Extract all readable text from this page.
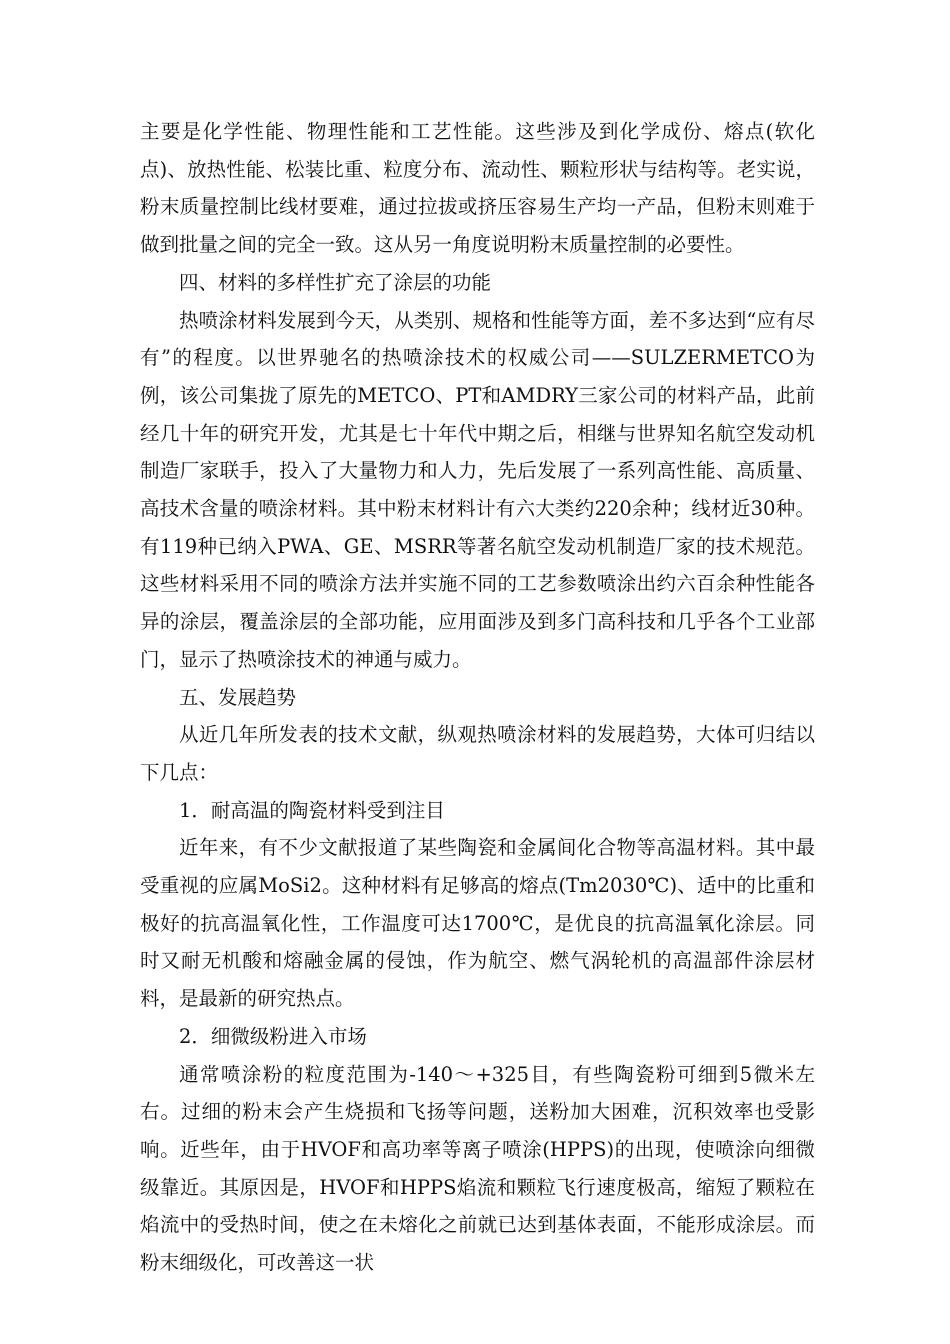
主要是化学性能、物理性能和工艺性能。这些涉及到化学成份、熔点(软化点)、放热性能、松装比重、粒度分布、流动性、颗粒形状与结构等。老实说，粉末质量控制比线材要难，通过拉拔或挤压容易生产均一产品，但粉末则难于做到批量之间的完全一致。这从另一角度说明粉末质量控制的必要性。

四、材料的多样性扩充了涂层的功能

热喷涂材料发展到今天，从类别、规格和性能等方面，差不多达到“应有尽有”的程度。以世界驰名的热喷涂技术的权威公司——SULZERMETCO为例，该公司集拢了原先的METCO、PT和AMDRY三家公司的材料产品，此前经几十年的研究开发，尤其是七十年代中期之后，相继与世界知名航空发动机制造厂家联手，投入了大量物力和人力，先后发展了一系列高性能、高质量、高技术含量的喷涂材料。其中粉末材料计有六大类约220余种；线材近30种。有119种已纳入PWA、GE、MSRR等著名航空发动机制造厂家的技术规范。这些材料采用不同的喷涂方法并实施不同的工艺参数喷涂出约六百余种性能各异的涂层，覆盖涂层的全部功能，应用面涉及到多门高科技和几乎各个工业部门，显示了热喷涂技术的神通与威力。

五、发展趋势

从近几年所发表的技术文献，纵观热喷涂材料的发展趋势，大体可归结以下几点：

1．耐高温的陶瓷材料受到注目

近年来，有不少文献报道了某些陶瓷和金属间化合物等高温材料。其中最受重视的应属MoSi2。这种材料有足够高的熔点(Tm2030℃)、适中的比重和极好的抗高温氧化性，工作温度可达1700℃，是优良的抗高温氧化涂层。同时又耐无机酸和熔融金属的侵蚀，作为航空、燃气涡轮机的高温部件涂层材料，是最新的研究热点。

2．细微级粉进入市场

通常喷涂粉的粒度范围为-140～+325目，有些陶瓷粉可细到5微米左右。过细的粉末会产生烧损和飞扬等问题，送粉加大困难，沉积效率也受影响。近些年，由于HVOF和高功率等离子喷涂(HPPS)的出现，使喷涂向细微级靠近。其原因是，HVOF和HPPS焰流和颗粒飞行速度极高，缩短了颗粒在焰流中的受热时间，使之在未熔化之前就已达到基体表面，不能形成涂层。而粉末细级化，可改善这一状
